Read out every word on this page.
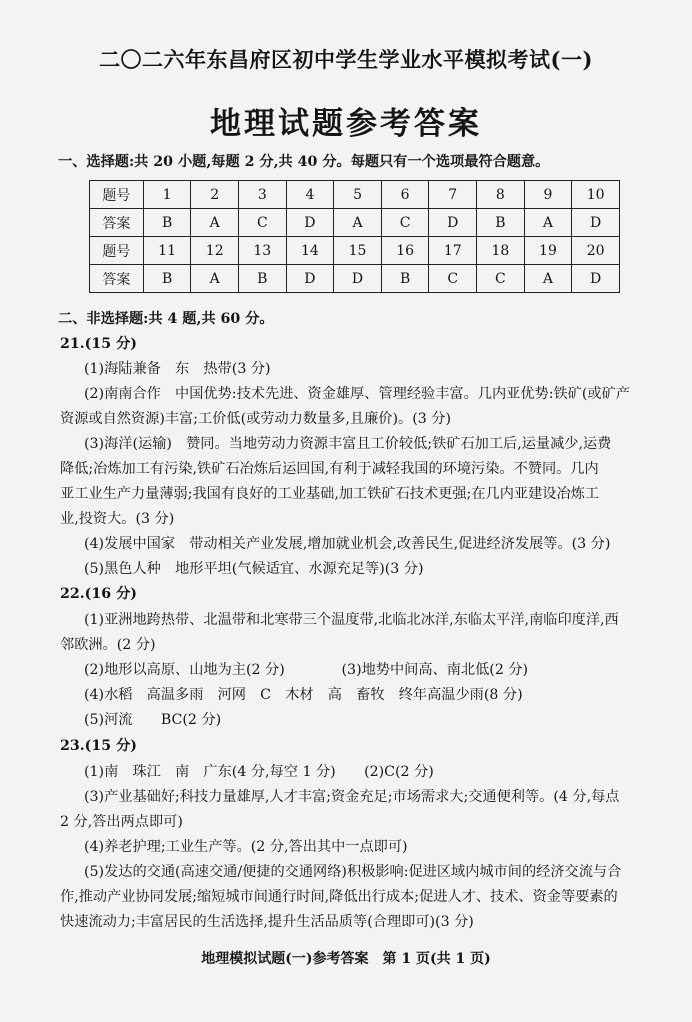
二〇二六年东昌府区初中学生学业水平模拟考试(一)
地理试题参考答案
一、选择题:共 20 小题,每题 2 分,共 40 分。每题只有一个选项最符合题意。
题号	1	2	3	4	5	6	7	8	9	10
答案	B	A	C	D	A	C	D	B	A	D
题号	11	12	13	14	15	16	17	18	19	20
答案	B	A	B	D	D	B	C	C	A	D
二、非选择题:共 4 题,共 60 分。
21.(15 分)
(1)海陆兼备　东　热带(3 分)
(2)南南合作　中国优势:技术先进、资金雄厚、管理经验丰富。几内亚优势:铁矿(或矿产
资源或自然资源)丰富;工价低(或劳动力数量多,且廉价)。(3 分)
(3)海洋(运输)　赞同。当地劳动力资源丰富且工价较低;铁矿石加工后,运量减少,运费
降低;冶炼加工有污染,铁矿石冶炼后运回国,有利于减轻我国的环境污染。不赞同。几内
亚工业生产力量薄弱;我国有良好的工业基础,加工铁矿石技术更强;在几内亚建设冶炼工
业,投资大。(3 分)
(4)发展中国家　带动相关产业发展,增加就业机会,改善民生,促进经济发展等。(3 分)
(5)黑色人种　地形平坦(气候适宜、水源充足等)(3 分)
22.(16 分)
(1)亚洲地跨热带、北温带和北寒带三个温度带,北临北冰洋,东临太平洋,南临印度洋,西
邻欧洲。(2 分)
(2)地形以高原、山地为主(2 分)　　　　(3)地势中间高、南北低(2 分)
(4)水稻　高温多雨　河网　C　木材　高　畜牧　终年高温少雨(8 分)
(5)河流　　BC(2 分)
23.(15 分)
(1)南　珠江　南　广东(4 分,每空 1 分)　　(2)C(2 分)
(3)产业基础好;科技力量雄厚,人才丰富;资金充足;市场需求大;交通便利等。(4 分,每点
2 分,答出两点即可)
(4)养老护理;工业生产等。(2 分,答出其中一点即可)
(5)发达的交通(高速交通/便捷的交通网络)积极影响:促进区域内城市间的经济交流与合
作,推动产业协同发展;缩短城市间通行时间,降低出行成本;促进人才、技术、资金等要素的
快速流动力;丰富居民的生活选择,提升生活品质等(合理即可)(3 分)
地理模拟试题(一)参考答案　第 1 页(共 1 页)
